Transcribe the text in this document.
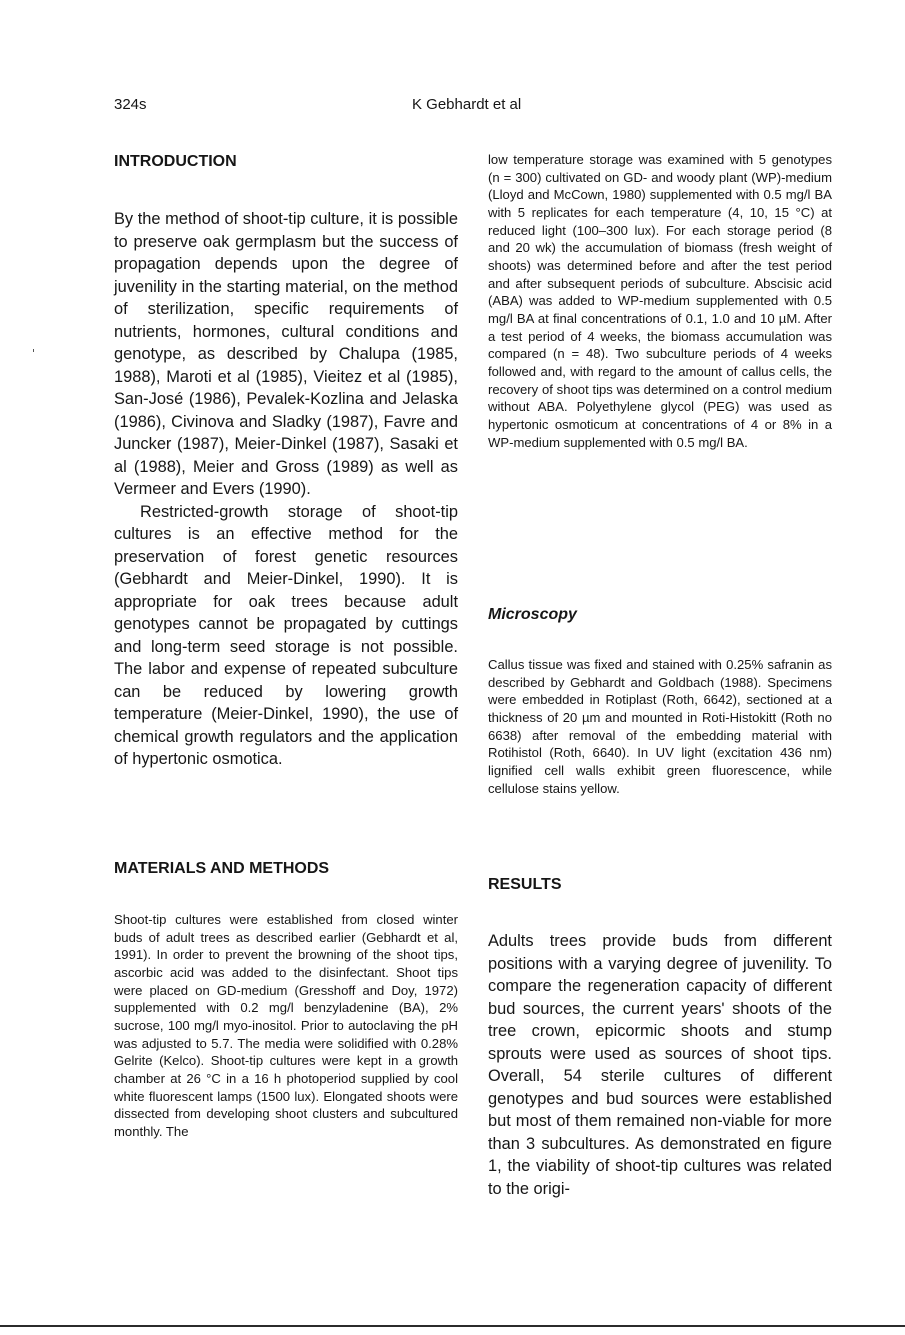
324s	K Gebhardt et al
INTRODUCTION

By the method of shoot-tip culture, it is possible to preserve oak germplasm but the success of propagation depends upon the degree of juvenility in the starting material, on the method of sterilization, specific requirements of nutrients, hormones, cultural conditions and genotype, as described by Chalupa (1985, 1988), Maroti et al (1985), Vieitez et al (1985), San-José (1986), Pevalek-Kozlina and Jelaska (1986), Civinova and Sladky (1987), Favre and Juncker (1987), Meier-Dinkel (1987), Sasaki et al (1988), Meier and Gross (1989) as well as Vermeer and Evers (1990).

Restricted-growth storage of shoot-tip cultures is an effective method for the preservation of forest genetic resources (Gebhardt and Meier-Dinkel, 1990). It is appropriate for oak trees because adult genotypes cannot be propagated by cuttings and long-term seed storage is not possible. The labor and expense of repeated subculture can be reduced by lowering growth temperature (Meier-Dinkel, 1990), the use of chemical growth regulators and the application of hypertonic osmotica.

MATERIALS AND METHODS

Shoot-tip cultures were established from closed winter buds of adult trees as described earlier (Gebhardt et al, 1991). In order to prevent the browning of the shoot tips, ascorbic acid was added to the disinfectant. Shoot tips were placed on GD-medium (Gresshoff and Doy, 1972) supplemented with 0.2 mg/l benzyladenine (BA), 2% sucrose, 100 mg/l myo-inositol. Prior to autoclaving the pH was adjusted to 5.7. The media were solidified with 0.28% Gelrite (Kelco). Shoot-tip cultures were kept in a growth chamber at 26 °C in a 16 h photoperiod supplied by cool white fluorescent lamps (1500 lux). Elongated shoots were dissected from developing shoot clusters and subcultured monthly. The

low temperature storage was examined with 5 genotypes (n = 300) cultivated on GD- and woody plant (WP)-medium (Lloyd and McCown, 1980) supplemented with 0.5 mg/l BA with 5 replicates for each temperature (4, 10, 15 °C) at reduced light (100–300 lux). For each storage period (8 and 20 wk) the accumulation of biomass (fresh weight of shoots) was determined before and after the test period and after subsequent periods of subculture. Abscisic acid (ABA) was added to WP-medium supplemented with 0.5 mg/l BA at final concentrations of 0.1, 1.0 and 10 µM. After a test period of 4 weeks, the biomass accumulation was compared (n = 48). Two subculture periods of 4 weeks followed and, with regard to the amount of callus cells, the recovery of shoot tips was determined on a control medium without ABA. Polyethylene glycol (PEG) was used as hypertonic osmoticum at concentrations of 4 or 8% in a WP-medium supplemented with 0.5 mg/l BA.

Microscopy

Callus tissue was fixed and stained with 0.25% safranin as described by Gebhardt and Goldbach (1988). Specimens were embedded in Rotiplast (Roth, 6642), sectioned at a thickness of 20 µm and mounted in Roti-Histokitt (Roth no 6638) after removal of the embedding material with Rotihistol (Roth, 6640). In UV light (excitation 436 nm) lignified cell walls exhibit green fluorescence, while cellulose stains yellow.

RESULTS

Adults trees provide buds from different positions with a varying degree of juvenility. To compare the regeneration capacity of different bud sources, the current years' shoots of the tree crown, epicormic shoots and stump sprouts were used as sources of shoot tips. Overall, 54 sterile cultures of different genotypes and bud sources were established but most of them remained non-viable for more than 3 subcultures. As demonstrated en figure 1, the viability of shoot-tip cultures was related to the origi-
